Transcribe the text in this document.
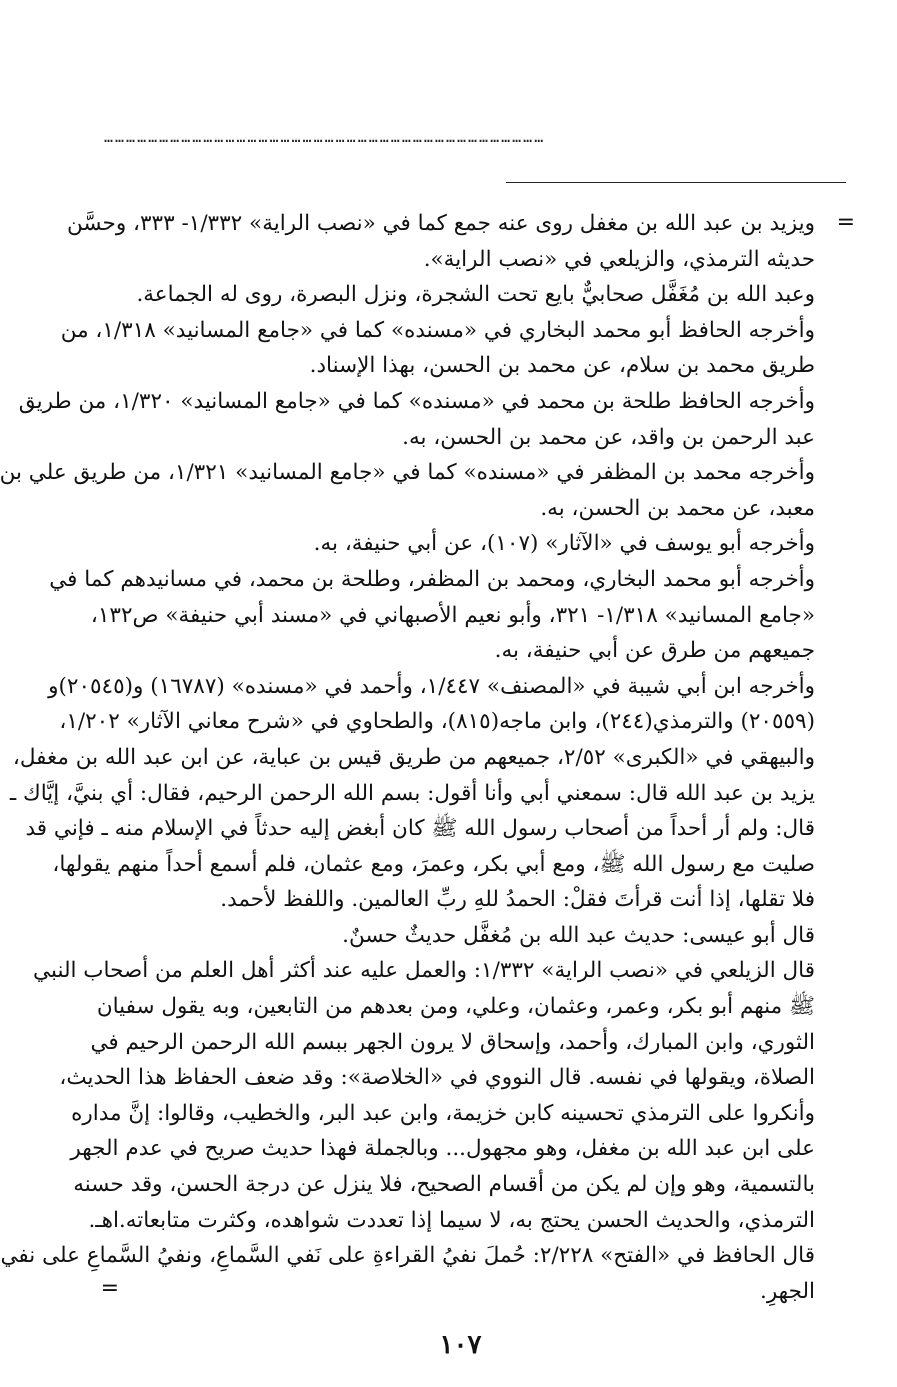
…………………………………………………………………………………………………………
=
ويزيد بن عبد الله بن مغفل روى عنه جمع كما في «نصب الراية» ١/٣٣٢- ٣٣٣، وحسَّن
حديثه الترمذي، والزيلعي في «نصب الراية».
وعبد الله بن مُغَفَّل صحابيٌّ بايع تحت الشجرة، ونزل البصرة، روى له الجماعة.
وأخرجه الحافظ أبو محمد البخاري في «مسنده» كما في «جامع المسانيد» ١/٣١٨، من
طريق محمد بن سلام، عن محمد بن الحسن، بهذا الإسناد.
وأخرجه الحافظ طلحة بن محمد في «مسنده» كما في «جامع المسانيد» ١/٣٢٠، من طريق
عبد الرحمن بن واقد، عن محمد بن الحسن، به.
وأخرجه محمد بن المظفر في «مسنده» كما في «جامع المسانيد» ١/٣٢١، من طريق علي بن
معبد، عن محمد بن الحسن، به.
وأخرجه أبو يوسف في «الآثار» (١٠٧)، عن أبي حنيفة، به.
وأخرجه أبو محمد البخاري، ومحمد بن المظفر، وطلحة بن محمد، في مسانيدهم كما في
«جامع المسانيد» ١/٣١٨- ٣٢١، وأبو نعيم الأصبهاني في «مسند أبي حنيفة» ص١٣٢،
جميعهم من طرق عن أبي حنيفة، به.
وأخرجه ابن أبي شيبة في «المصنف» ١/٤٤٧، وأحمد في «مسنده» (١٦٧٨٧) و(٢٠٥٤٥)و
(٢٠٥٥٩) والترمذي(٢٤٤)، وابن ماجه(٨١٥)، والطحاوي في «شرح معاني الآثار» ١/٢٠٢،
والبيهقي في «الكبرى» ٢/٥٢، جميعهم من طريق قيس بن عباية، عن ابن عبد الله بن مغفل،
يزيد بن عبد الله قال: سمعني أبي وأنا أقول: بسم الله الرحمن الرحيم، فقال: أي بنيَّ، إيَّاك ـ
قال: ولم أر أحداً من أصحاب رسول الله ﷺ كان أبغض إليه حدثاً في الإسلام منه ـ فإني قد
صليت مع رسول الله ﷺ، ومع أبي بكر، وعمرَ، ومع عثمان، فلم أسمع أحداً منهم يقولها،
فلا تقلها، إذا أنت قرأتَ فقلْ: الحمدُ للهِ ربِّ العالمين. واللفظ لأحمد.
قال أبو عيسى: حديث عبد الله بن مُغفَّل حديثٌ حسنٌ.
قال الزيلعي في «نصب الراية» ١/٣٣٢: والعمل عليه عند أكثر أهل العلم من أصحاب النبي
ﷺ منهم أبو بكر، وعمر، وعثمان، وعلي، ومن بعدهم من التابعين، وبه يقول سفيان
الثوري، وابن المبارك، وأحمد، وإسحاق لا يرون الجهر ببسم الله الرحمن الرحيم في
الصلاة، ويقولها في نفسه. قال النووي في «الخلاصة»: وقد ضعف الحفاظ هذا الحديث،
وأنكروا على الترمذي تحسينه كابن خزيمة، وابن عبد البر، والخطيب، وقالوا: إنَّ مداره
على ابن عبد الله بن مغفل، وهو مجهول... وبالجملة فهذا حديث صريح في عدم الجهر
بالتسمية، وهو وإن لم يكن من أقسام الصحيح، فلا ينزل عن درجة الحسن، وقد حسنه
الترمذي، والحديث الحسن يحتج به، لا سيما إذا تعددت شواهده، وكثرت متابعاته.اهـ.
قال الحافظ في «الفتح» ٢/٢٢٨: حُملَ نفيُ القراءةِ على نَفي السَّماعِ، ونفيُ السَّماعِ على نفي
الجهرِ.
=
١٠٧
